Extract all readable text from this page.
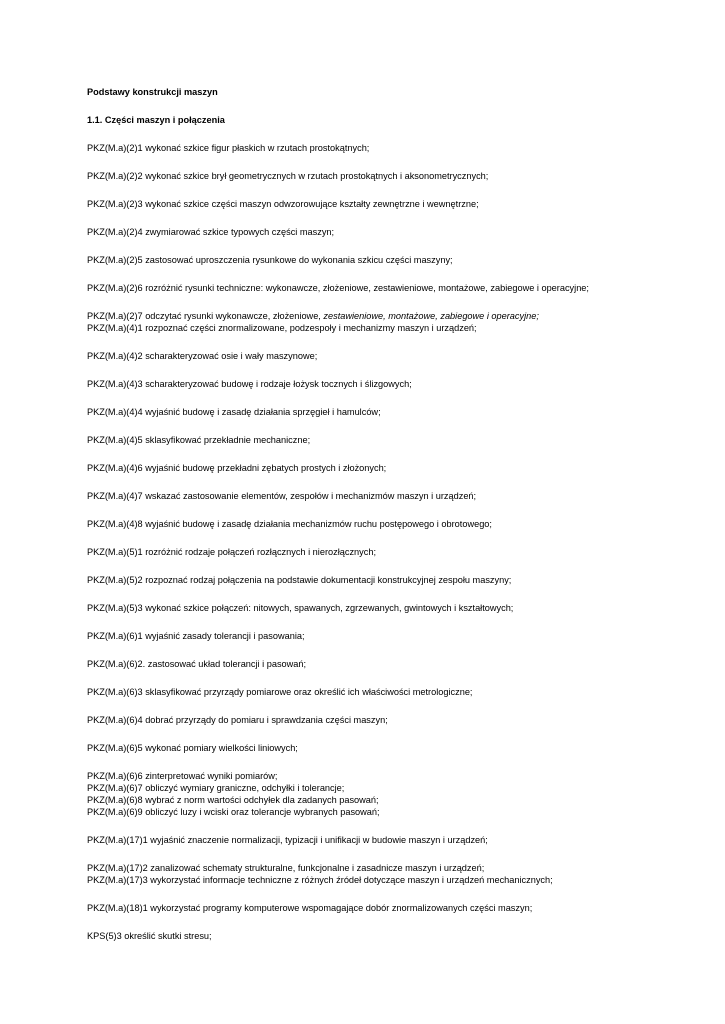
Podstawy konstrukcji maszyn
1.1. Części maszyn i połączenia
PKZ(M.a)(2)1 wykonać szkice figur płaskich w rzutach prostokątnych;
PKZ(M.a)(2)2 wykonać szkice brył geometrycznych w rzutach prostokątnych i aksonometrycznych;
PKZ(M.a)(2)3 wykonać szkice części maszyn odwzorowujące kształty zewnętrzne i wewnętrzne;
PKZ(M.a)(2)4 zwymiarować szkice typowych części maszyn;
PKZ(M.a)(2)5 zastosować uproszczenia rysunkowe do wykonania szkicu części maszyny;
PKZ(M.a)(2)6 rozróżnić rysunki techniczne: wykonawcze, złożeniowe, zestawieniowe, montażowe, zabiegowe i operacyjne;
PKZ(M.a)(2)7 odczytać rysunki wykonawcze, złożeniowe, zestawieniowe, montażowe, zabiegowe i operacyjne;
PKZ(M.a)(4)1 rozpoznać części znormalizowane, podzespoły i mechanizmy maszyn i urządzeń;
PKZ(M.a)(4)2 scharakteryzować osie i wały maszynowe;
PKZ(M.a)(4)3 scharakteryzować budowę i rodzaje łożysk tocznych i ślizgowych;
PKZ(M.a)(4)4 wyjaśnić budowę i zasadę działania sprzęgieł i hamulców;
PKZ(M.a)(4)5 sklasyfikować przekładnie mechaniczne;
PKZ(M.a)(4)6 wyjaśnić budowę przekładni zębatych prostych i złożonych;
PKZ(M.a)(4)7 wskazać zastosowanie elementów, zespołów i mechanizmów maszyn i urządzeń;
PKZ(M.a)(4)8 wyjaśnić budowę i zasadę działania mechanizmów ruchu postępowego i obrotowego;
PKZ(M.a)(5)1 rozróżnić rodzaje połączeń rozłącznych i nierozłącznych;
PKZ(M.a)(5)2 rozpoznać rodzaj połączenia na podstawie dokumentacji konstrukcyjnej zespołu maszyny;
PKZ(M.a)(5)3 wykonać szkice połączeń: nitowych, spawanych, zgrzewanych, gwintowych i kształtowych;
PKZ(M.a)(6)1 wyjaśnić zasady tolerancji i pasowania;
PKZ(M.a)(6)2. zastosować układ tolerancji i pasowań;
PKZ(M.a)(6)3 sklasyfikować przyrządy pomiarowe oraz określić ich właściwości metrologiczne;
PKZ(M.a)(6)4 dobrać przyrządy do pomiaru i sprawdzania części maszyn;
PKZ(M.a)(6)5 wykonać pomiary wielkości liniowych;
PKZ(M.a)(6)6 zinterpretować wyniki pomiarów;
PKZ(M.a)(6)7 obliczyć wymiary graniczne, odchyłki i tolerancje;
PKZ(M.a)(6)8 wybrać z norm wartości odchyłek dla zadanych pasowań;
PKZ(M.a)(6)9 obliczyć luzy i wciski oraz tolerancje wybranych pasowań;
PKZ(M.a)(17)1 wyjaśnić znaczenie normalizacji, typizacji i unifikacji w budowie maszyn i urządzeń;
PKZ(M.a)(17)2 zanalizować schematy strukturalne, funkcjonalne i zasadnicze maszyn i urządzeń;
PKZ(M.a)(17)3 wykorzystać informacje techniczne z różnych źródeł dotyczące maszyn i urządzeń mechanicznych;
PKZ(M.a)(18)1 wykorzystać programy komputerowe wspomagające dobór znormalizowanych części maszyn;
KPS(5)3 określić skutki stresu;
